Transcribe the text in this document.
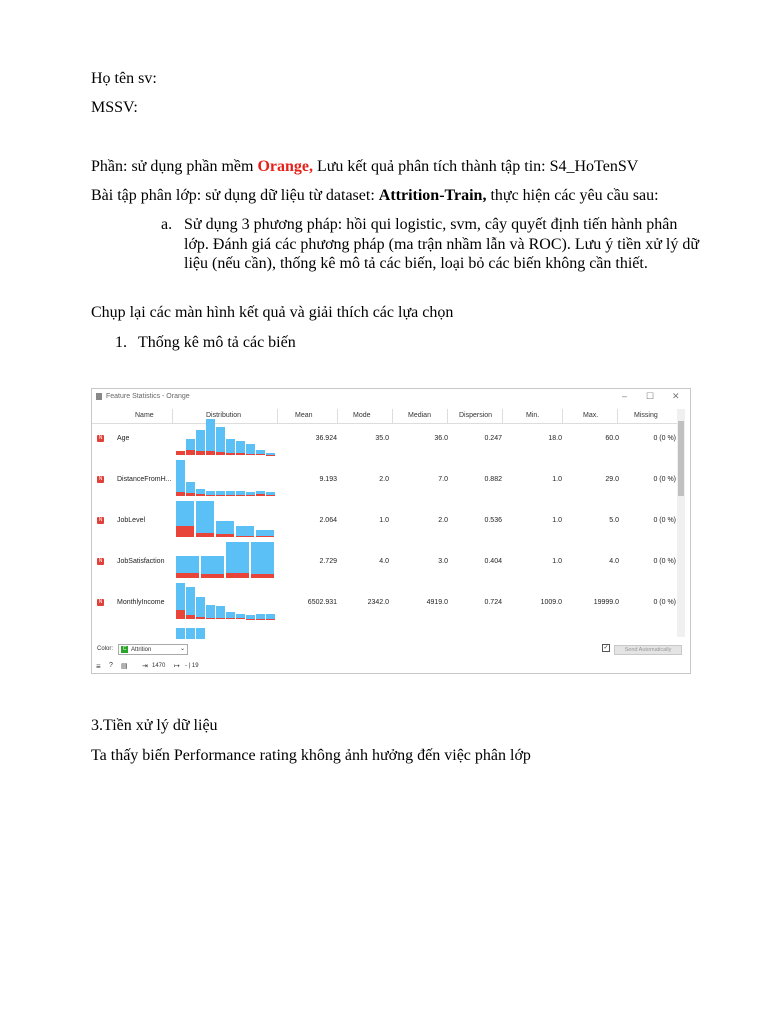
Họ tên sv:
MSSV:
Phần: sử dụng phần mềm Orange, Lưu kết quả phân tích thành tập tin: S4_HoTenSV
Bài tập phân lớp: sử dụng dữ liệu từ dataset: Attrition-Train, thực hiện các yêu cầu sau:
a. Sử dụng 3 phương pháp: hồi qui logistic, svm, cây quyết định tiến hành phân lớp. Đánh giá các phương pháp (ma trận nhầm lẫn và ROC). Lưu ý tiền xử lý dữ liệu (nếu cần), thống kê mô tả các biến, loại bỏ các biến không cần thiết.
Chụp lại các màn hình kết quả và giải thích các lựa chọn
1. Thống kê mô tả các biến
Feature Statistics - Orange	– ☐ ✕
Name	Distribution	Mean	Mode	Median	Dispersion	Min.	Max.	Missing
N Age	36.924	35.0	36.0	0.247	18.0	60.0	0 (0 %)
N DistanceFromH...	9.193	2.0	7.0	0.882	1.0	29.0	0 (0 %)
N JobLevel	2.064	1.0	2.0	0.536	1.0	5.0	0 (0 %)
N JobSatisfaction	2.729	4.0	3.0	0.404	1.0	4.0	0 (0 %)
N MonthlyIncome	6502.931	2342.0	4919.0	0.724	1009.0	19999.0	0 (0 %)
Color:	C Attrition	⌄	✓	Send Automatically
≡ ? ▤ ⇥ 1470 ↦ - | 19
3.Tiền xử lý dữ liệu
Ta thấy biến Performance rating không ảnh hưởng đến việc phân lớp
